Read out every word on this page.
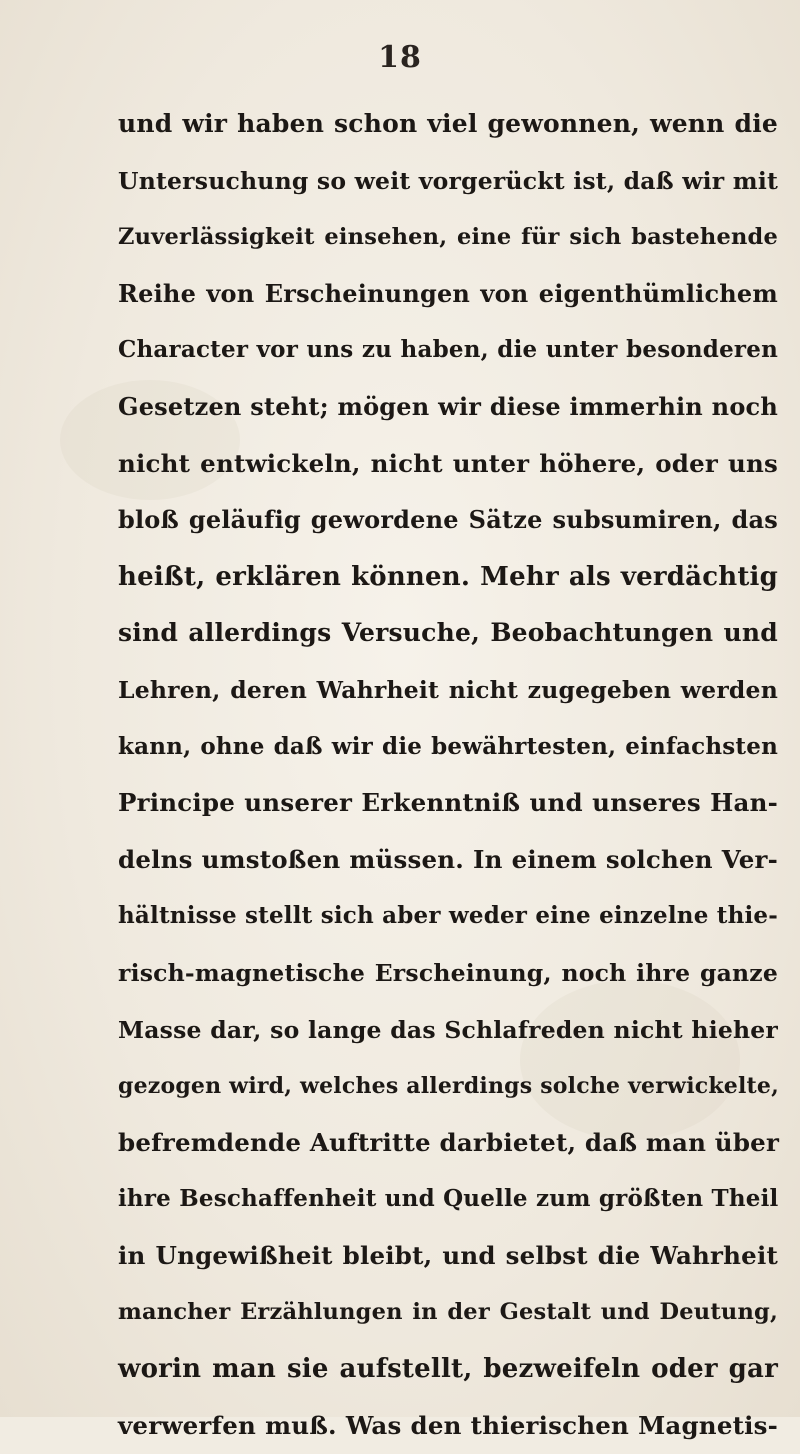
18
und wir haben schon viel gewonnen, wenn die
Untersuchung so weit vorgerückt ist, daß wir mit
Zuverlässigkeit einsehen, eine für sich bastehende
Reihe von Erscheinungen von eigenthümlichem
Character vor uns zu haben, die unter besonderen
Gesetzen steht; mögen wir diese immerhin noch
nicht entwickeln, nicht unter höhere, oder uns
bloß geläufig gewordene Sätze subsumiren, das
heißt, erklären können. Mehr als verdächtig
sind allerdings Versuche, Beobachtungen und
Lehren, deren Wahrheit nicht zugegeben werden
kann, ohne daß wir die bewährtesten, einfachsten
Principe unserer Erkenntniß und unseres Han-
delns umstoßen müssen. In einem solchen Ver-
hältnisse stellt sich aber weder eine einzelne thie-
risch-magnetische Erscheinung, noch ihre ganze
Masse dar, so lange das Schlafreden nicht hieher
gezogen wird, welches allerdings solche verwickelte,
befremdende Auftritte darbietet, daß man über
ihre Beschaffenheit und Quelle zum größten Theil
in Ungewißheit bleibt, und selbst die Wahrheit
mancher Erzählungen in der Gestalt und Deutung,
worin man sie aufstellt, bezweifeln oder gar
verwerfen muß. Was den thierischen Magnetis-
